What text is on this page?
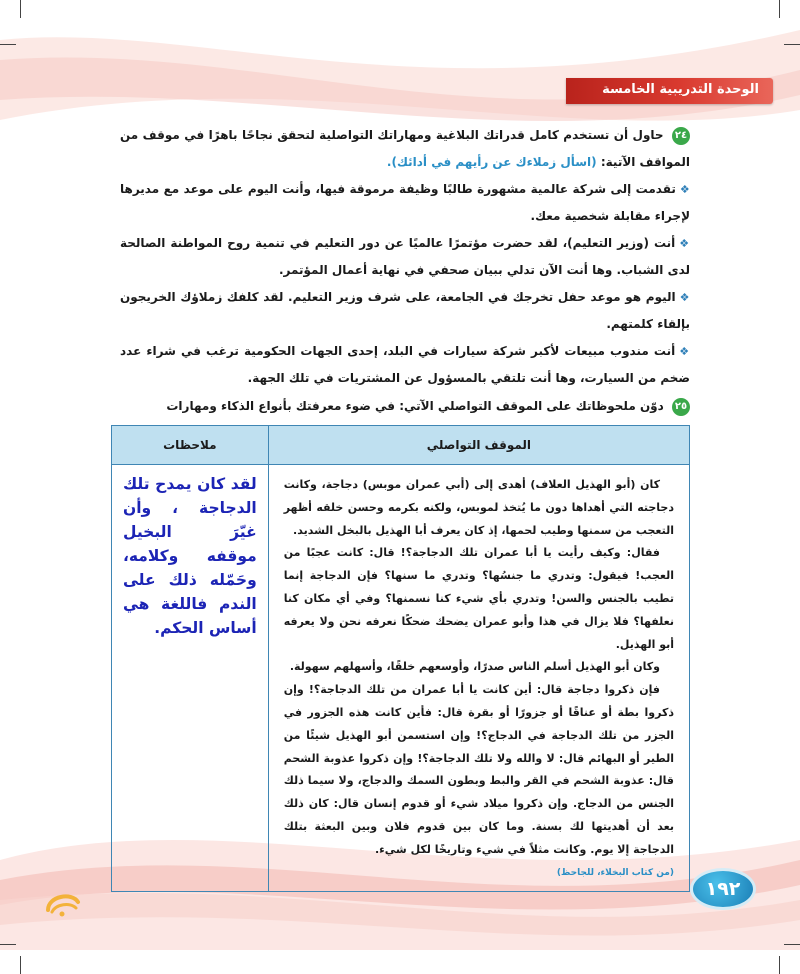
الوحدة التدريبية الخامسة

٢٤ حاول أن تستخدم كامل قدراتك البلاغية ومهاراتك التواصلية لتحقق نجاحًا باهرًا في موقف من المواقف الآتية: (اسأل زملاءك عن رأيهم في أدائك).

❖تقدمت إلى شركة عالمية مشهورة طالبًا وظيفة مرموقة فيها، وأنت اليوم على موعد مع مديرها لإجراء مقابلة شخصية معك.

❖أنت (وزير التعليم)، لقد حضرت مؤتمرًا عالميًا عن دور التعليم في تنمية روح المواطنة الصالحة لدى الشباب. وها أنت الآن تدلي ببيان صحفي في نهاية أعمال المؤتمر.

❖اليوم هو موعد حفل تخرجك في الجامعة، على شرف وزير التعليم. لقد كلفك زملاؤك الخريجون بإلقاء كلمتهم.

❖أنت مندوب مبيعات لأكبر شركة سيارات في البلد، إحدى الجهات الحكومية ترغب في شراء عدد ضخم من السيارت، وها أنت تلتقي بالمسؤول عن المشتريات في تلك الجهة.

٢٥ دوّن ملحوظاتك على الموقف التواصلي الآتي: في ضوء معرفتك بأنواع الذكاء ومهارات
الموقف التواصلي	ملاحظات

كان (أبو الهذيل العلاف) أهدى إلى (أبي عمران موبس) دجاجة، وكانت دجاجته التي أهداها دون ما يُتخذ لموبس، ولكنه بكرمه وحسن خلقه أظهر التعجب من سمنها وطيب لحمها، إذ كان يعرف أبا الهذيل بالبخل الشديد.

فقال: وكيف رأيت يا أبا عمران تلك الدجاجة؟! قال: كانت عجبًا من العجب! فيقول: وتدري ما جنسُها؟ وتدري ما سنها؟ فإن الدجاجة إنما تطيب بالجنس والسن! وتدري بأي شيء كنا نسمنها؟ وفي أي مكان كنا نعلفها؟ فلا يزال في هذا وأبو عمران يضحك ضحكًا نعرفه نحن ولا يعرفه أبو الهذيل.

وكان أبو الهذيل أسلم الناس صدرًا، وأوسعهم خلقًا، وأسهلهم سهولة.

فإن ذكروا دجاجة قال: أين كانت يا أبا عمران من تلك الدجاجة؟! وإن ذكروا بطة أو عناقًا أو جزورًا أو بقرة قال: فأين كانت هذه الجزور في الجزر من تلك الدجاجة في الدجاج؟! وإن استسمن أبو الهذيل شيئًا من الطير أو البهائم قال: لا والله ولا تلك الدجاجة؟! وإن ذكروا عذوبة الشحم قال: عذوبة الشحم في القر والبط وبطون السمك والدجاج، ولا سيما ذلك الجنس من الدجاج. وإن ذكروا ميلاد شيء أو قدوم إنسان قال: كان ذلك بعد أن أهديتها لك بسنة. وما كان بين قدوم فلان وبين البعثة بتلك الدجاجة إلا يوم. وكانت مثلاً في شيء وتاريخًا لكل شيء.

(من كتاب البخلاء، للجاحظ)	لقد كان يمدح تلك الدجاجة ، وأن غيّرَ البخيل موقفه وكلامه، وحَمّله ذلك على الندم فاللغة هي أساس الحكم.
١٩٢
